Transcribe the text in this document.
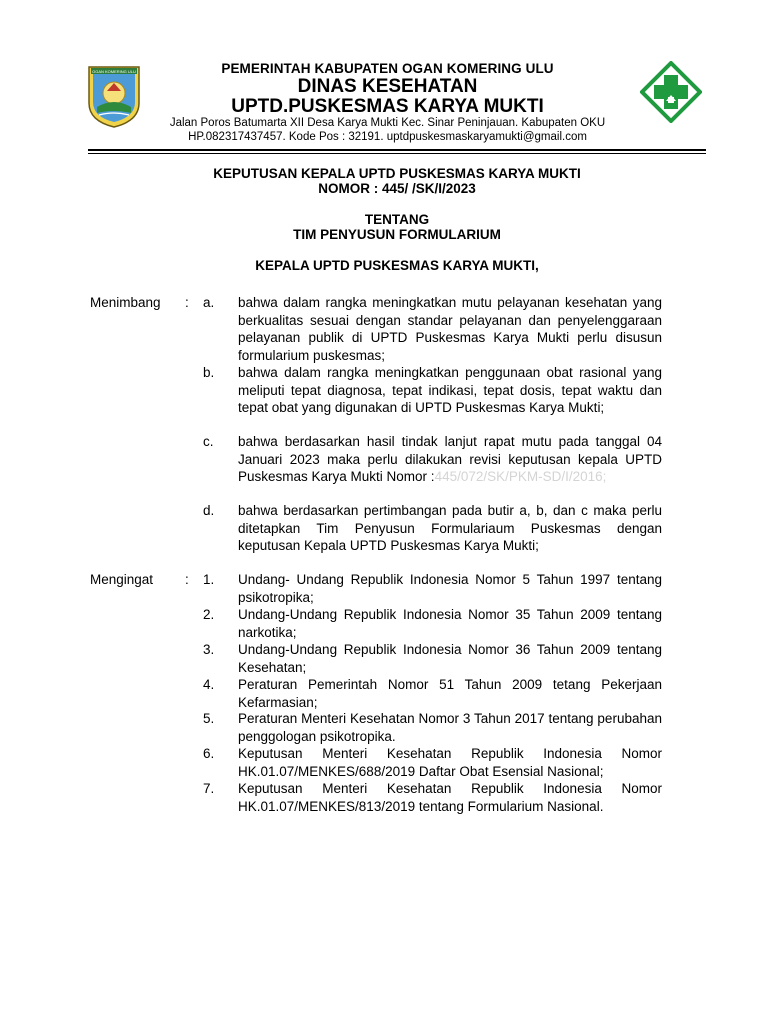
OGAN KOMERING ULU	PEMERINTAH KABUPATEN OGAN KOMERING ULU
DINAS KESEHATAN
UPTD.PUSKESMAS KARYA MUKTI
Jalan Poros Batumarta XII Desa Karya Mukti Kec. Sinar Peninjauan. Kabupaten OKU
HP.082317437457. Kode Pos : 32191. uptdpuskesmaskaryamukti@gmail.com
KEPUTUSAN KEPALA UPTD PUSKESMAS KARYA MUKTI
NOMOR : 445/ /SK/I/2023
TENTANG
TIM PENYUSUN FORMULARIUM
KEPALA UPTD PUSKESMAS KARYA MUKTI,
Menimbang : a. bahwa dalam rangka meningkatkan mutu pelayanan kesehatan yang berkualitas sesuai dengan standar pelayanan dan penyelenggaraan pelayanan publik di UPTD Puskesmas Karya Mukti perlu disusun formularium puskesmas;
b. bahwa dalam rangka meningkatkan penggunaan obat rasional yang meliputi tepat diagnosa, tepat indikasi, tepat dosis, tepat waktu dan tepat obat yang digunakan di UPTD Puskesmas Karya Mukti;
c. bahwa berdasarkan hasil tindak lanjut rapat mutu pada tanggal 04 Januari 2023 maka perlu dilakukan revisi keputusan kepala UPTD Puskesmas Karya Mukti Nomor :445/072/SK/PKM-SD/I/2016;
d. bahwa berdasarkan pertimbangan pada butir a, b, dan c maka perlu ditetapkan Tim Penyusun Formulariaum Puskesmas dengan keputusan Kepala UPTD Puskesmas Karya Mukti;
Mengingat : 1. Undang- Undang Republik Indonesia Nomor 5 Tahun 1997 tentang psikotropika;
2. Undang-Undang Republik Indonesia Nomor 35 Tahun 2009 tentang narkotika;
3. Undang-Undang Republik Indonesia Nomor 36 Tahun 2009 tentang Kesehatan;
4. Peraturan Pemerintah Nomor 51 Tahun 2009 tetang Pekerjaan Kefarmasian;
5. Peraturan Menteri Kesehatan Nomor 3 Tahun 2017 tentang perubahan penggologan psikotropika.
6. Keputusan Menteri Kesehatan Republik Indonesia Nomor HK.01.07/MENKES/688/2019 Daftar Obat Esensial Nasional;
7. Keputusan Menteri Kesehatan Republik Indonesia Nomor HK.01.07/MENKES/813/2019 tentang Formularium Nasional.
